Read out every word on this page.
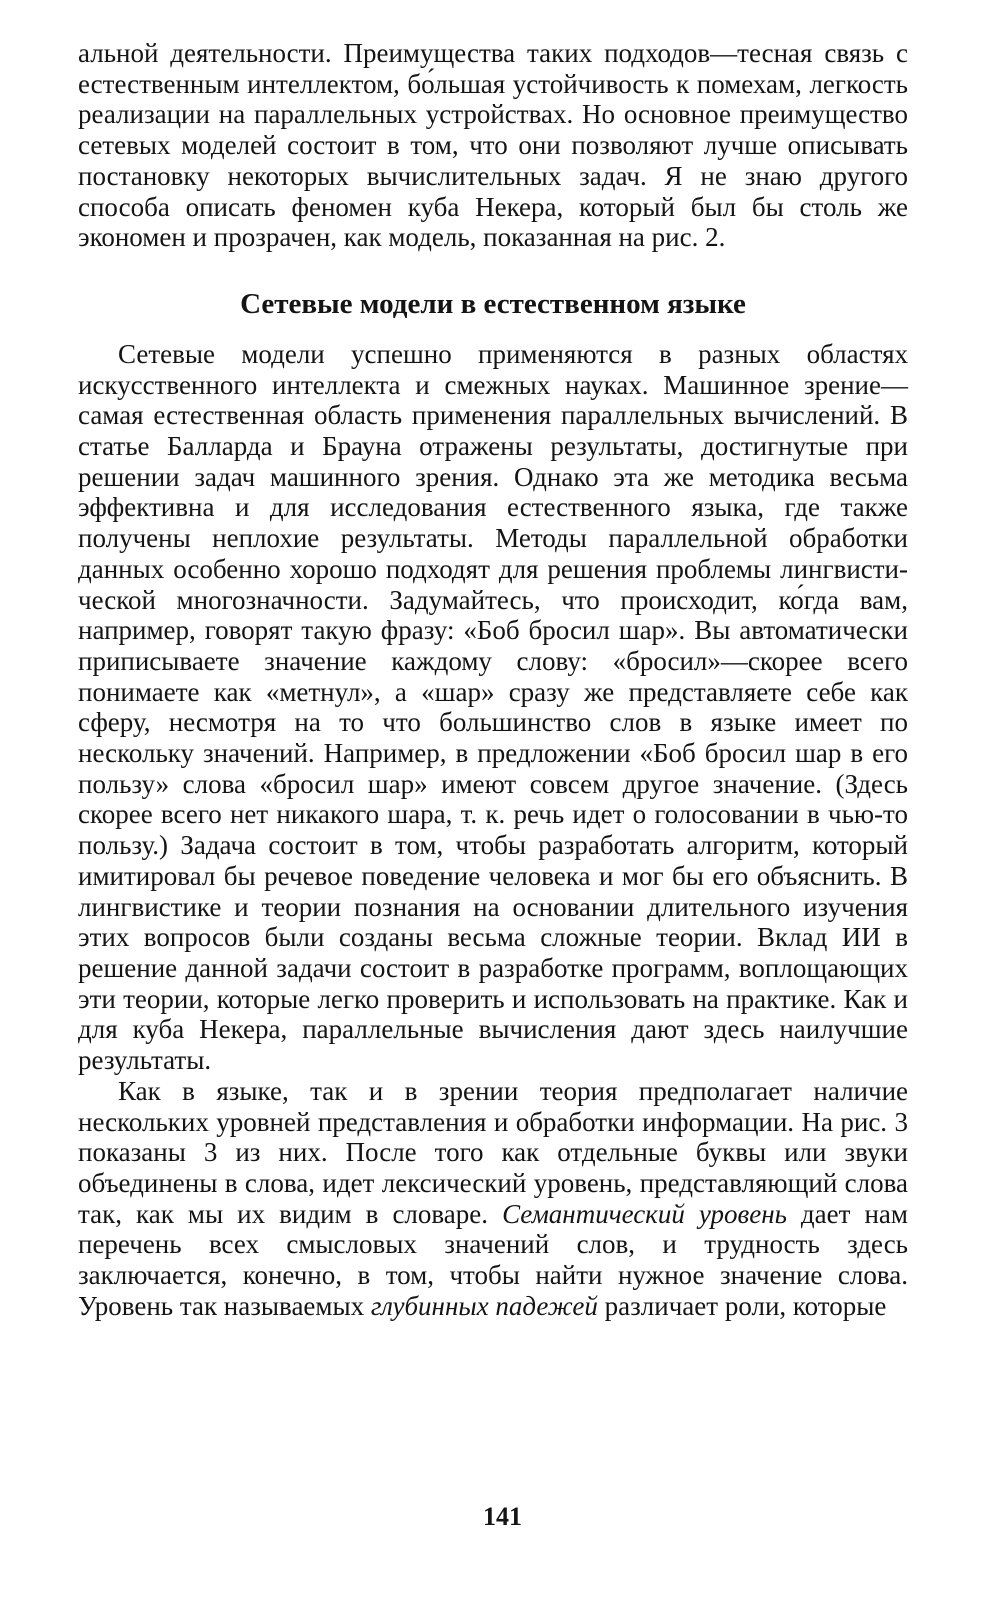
альной деятельности. Преимущества таких подходов—тесная связь с естественным интеллектом, бо́льшая устойчивость к помехам, легкость реализации на параллельных устройствах. Но основное преимущество сетевых моделей состоит в том, что они позволяют лучше описывать постановку некоторых вычислительных задач. Я не знаю другого способа описать феномен куба Некера, который был бы столь же экономен и прозрачен, как модель, показанная на рис. 2.

Сетевые модели в естественном языке

Сетевые модели успешно применяются в разных областях искусственного интеллекта и смежных науках. Машинное зрение—самая естественная область применения параллельных вычислений. В статье Балларда и Брауна отражены результаты, достигнутые при решении задач машинного зрения. Однако эта же методика весьма эффективна и для исследования естественного языка, где также получены неплохие результаты. Методы параллельной обработки данных особенно хорошо подходят для решения проблемы лингвистической многозначности. Задумайтесь, что происходит, ко́гда вам, например, говорят такую фразу: «Боб бросил шар». Вы автоматически приписываете значение каждому слову: «бросил»—скорее всего понимаете как «метнул», а «шар» сразу же представляете себе как сферу, несмотря на то что большинство слов в языке имеет по нескольку значений. Например, в предложении «Боб бросил шар в его пользу» слова «бросил шар» имеют совсем другое значение. (Здесь скорее всего нет никакого шара, т. к. речь идет о голосовании в чью-то пользу.) Задача состоит в том, чтобы разработать алгоритм, который имитировал бы речевое поведение человека и мог бы его объяснить. В лингвистике и теории познания на основании длительного изучения этих вопросов были созданы весьма сложные теории. Вклад ИИ в решение данной задачи состоит в разработке программ, воплощающих эти теории, которые легко проверить и использовать на практике. Как и для куба Некера, параллельные вычисления дают здесь наилучшие результаты.

Как в языке, так и в зрении теория предполагает наличие нескольких уровней представления и обработки информации. На рис. 3 показаны 3 из них. После того как отдельные буквы или звуки объединены в слова, идет лексический уровень, представляющий слова так, как мы их видим в словаре. Семантический уровень дает нам перечень всех смысловых значений слов, и трудность здесь заключается, конечно, в том, чтобы найти нужное значение слова. Уровень так называемых глубинных падежей различает роли, которые

141
